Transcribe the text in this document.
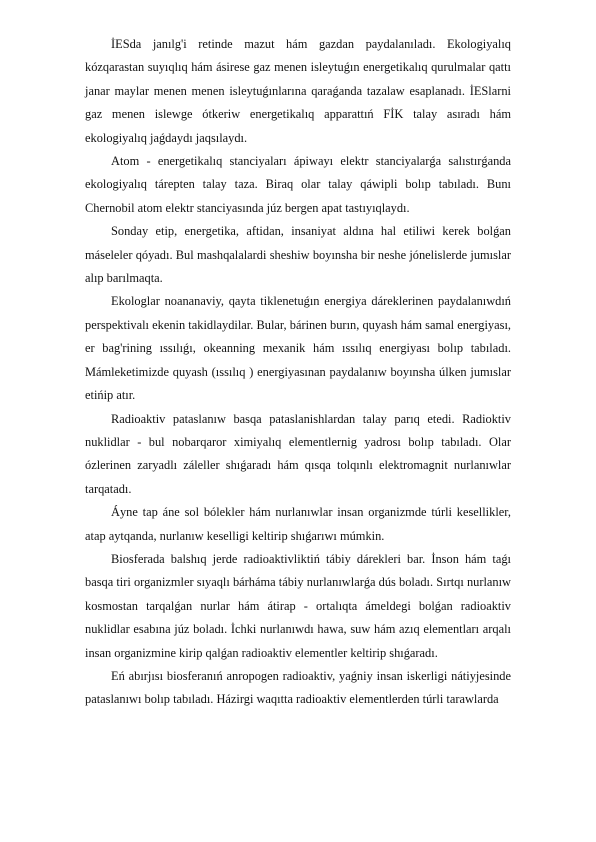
İESda janılg'i retinde mazut hám gazdan paydalanıladı. Ekologiyalıq kózqarastan suyıqlıq hám ásirese gaz menen isleytuǵın energetikalıq qurulmalar qattı janar maylar menen menen isleytuǵınlarına qaraǵanda tazalaw esaplanadı. İESlarni gaz menen islewge ótkeriw energetikalıq apparattıń FİK talay asıradı hám ekologiyalıq jaǵdaydı jaqsılaydı.

Atom - energetikalıq stanciyaları ápiwayı elektr stanciyalarǵa salıstırǵanda ekologiyalıq tárepten talay taza. Biraq olar talay qáwipli bolıp tabıladı. Bunı Chernobil atom elektr stanciyasında júz bergen apat tastıyıqlaydı.

Sonday etip, energetika, aftidan, insaniyat aldına hal etiliwi kerek bolǵan máseleler qóyadı. Bul mashqalalardi sheshiw boyınsha bir neshe jónelislerde jumıslar alıp barılmaqta.

Ekologlar noananaviy, qayta tiklenetuǵın energiya dáreklerinen paydalanıwdıń perspektivalı ekenin takidlaydilar. Bular, bárinen burın, quyash hám samal energiyası, er bag'rining ıssılıǵı, okeanning mexanik hám ıssılıq energiyası bolıp tabıladı. Mámleketimizde quyash (ıssılıq ) energiyasınan paydalanıw boyınsha úlken jumıslar etińip atır.

Radioaktiv pataslanıw basqa pataslanishlardan talay parıq etedi. Radioktiv nuklidlar - bul nobarqaror ximiyalıq elementlernig yadrosı bolıp tabıladı. Olar ózlerinen zaryadlı záleller shıǵaradı hám qısqa tolqınlı elektromagnit nurlanıwlar tarqatadı.

Áyne tap áne sol bólekler hám nurlanıwlar insan organizmde túrli kesellikler, atap aytqanda, nurlanıw keselligi keltirip shıǵarıwı múmkin.

Biosferada balshıq jerde radioaktivliktiń tábiy dárekleri bar. İnson hám taǵı basqa tiri organizmler sıyaqlı bárháma tábiy nurlanıwlarǵa dús boladı. Sırtqı nurlanıw kosmostan tarqalǵan nurlar hám átirap - ortalıqta ámeldegi bolǵan radioaktiv nuklidlar esabına júz boladı. İchki nurlanıwdı hawa, suw hám azıq elementları arqalı insan organizmine kirip qalǵan radioaktiv elementler keltirip shıǵaradı.

Eń abırjısı biosferanıń anropogen radioaktiv, yaǵniy insan iskerligi nátiyjesinde pataslanıwı bolıp tabıladı. Házirgi waqıtta radioaktiv elementlerden túrli tarawlarda
